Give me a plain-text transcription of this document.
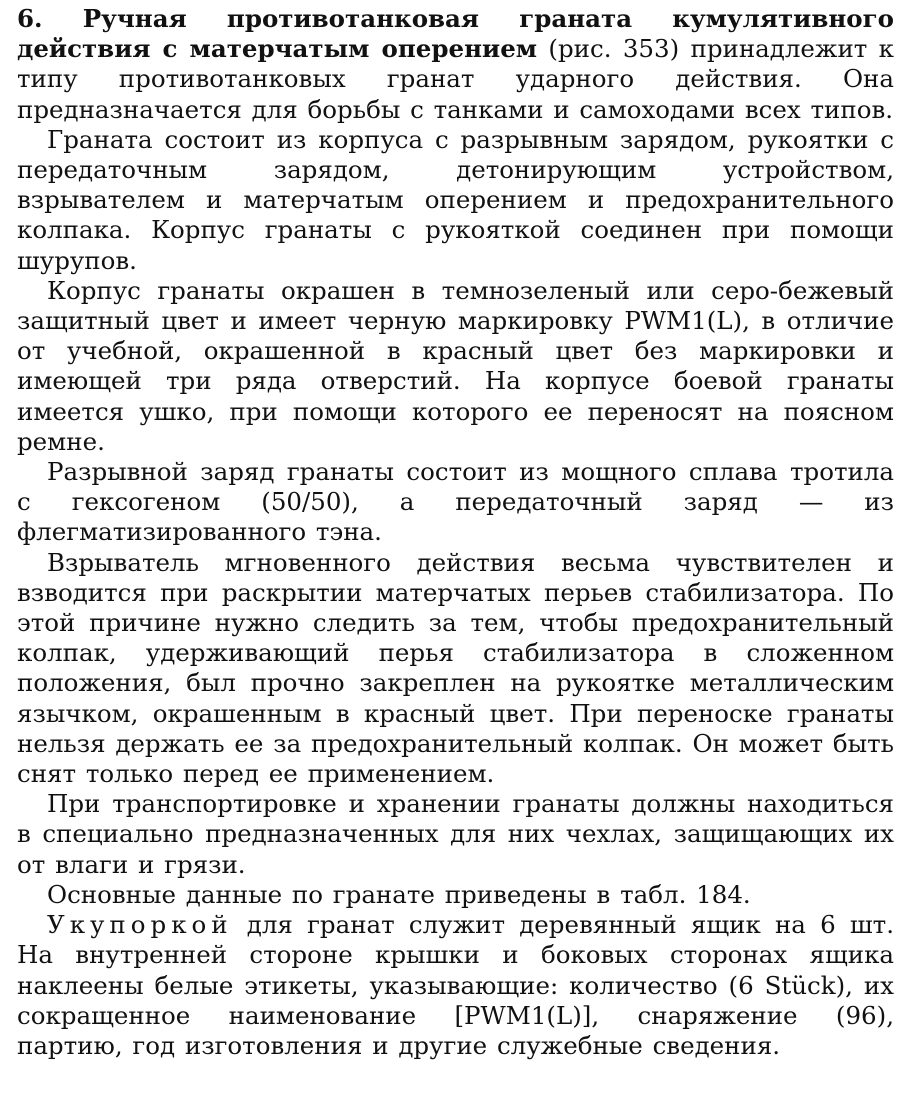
6. Ручная противотанковая граната кумулятивного действия с матерчатым оперением (рис. 353) принадлежит к типу противотанковых гранат ударного действия. Она предназначается для борьбы с танками и самоходами всех типов.

Граната состоит из корпуса с разрывным зарядом, рукоятки с передаточным зарядом, детонирующим устройством, взрывателем и матерчатым оперением и предохранительного колпака. Корпус гранаты с рукояткой соединен при помощи шурупов.

Корпус гранаты окрашен в темнозеленый или серо-бежевый защитный цвет и имеет черную маркировку PWM1(L), в отличие от учебной, окрашенной в красный цвет без маркировки и имеющей три ряда отверстий. На корпусе боевой гранаты имеется ушко, при помощи которого ее переносят на поясном ремне.

Разрывной заряд гранаты состоит из мощного сплава тротила с гексогеном (50/50), а передаточный заряд — из флегматизированного тэна.

Взрыватель мгновенного действия весьма чувствителен и взводится при раскрытии матерчатых перьев стабилизатора. По этой причине нужно следить за тем, чтобы предохранительный колпак, удерживающий перья стабилизатора в сложенном положения, был прочно закреплен на рукоятке металлическим язычком, окрашенным в красный цвет. При переноске гранаты нельзя держать ее за предохранительный колпак. Он может быть снят только перед ее применением.

При транспортировке и хранении гранаты должны находиться в специально предназначенных для них чехлах, защищающих их от влаги и грязи.

Основные данные по гранате приведены в табл. 184.

Укупоркой для гранат служит деревянный ящик на 6 шт. На внутренней стороне крышки и боковых сторонах ящика наклеены белые этикеты, указывающие: количество (6 Stück), их сокращенное наименование [PWM1(L)], снаряжение (96), партию, год изготовления и другие служебные сведения.
